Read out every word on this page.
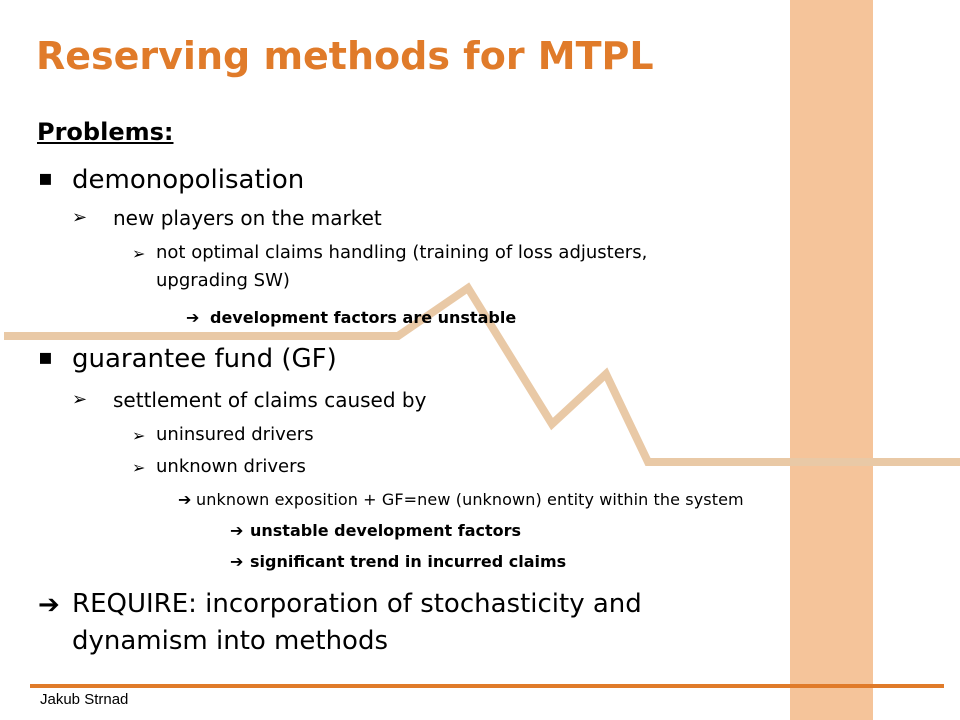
Reserving methods for MTPL
Problems:
▪ demonopolisation
➢ new players on the market
➢ not optimal claims handling (training of loss adjusters,
upgrading SW)
➔ development factors are unstable
▪ guarantee fund (GF)
➢ settlement of claims caused by
➢ uninsured drivers
➢ unknown drivers
➔ unknown exposition + GF=new (unknown) entity within the system
➔ unstable development factors
➔ significant trend in incurred claims
➔ REQUIRE: incorporation of stochasticity and
dynamism into methods
Jakub Strnad
